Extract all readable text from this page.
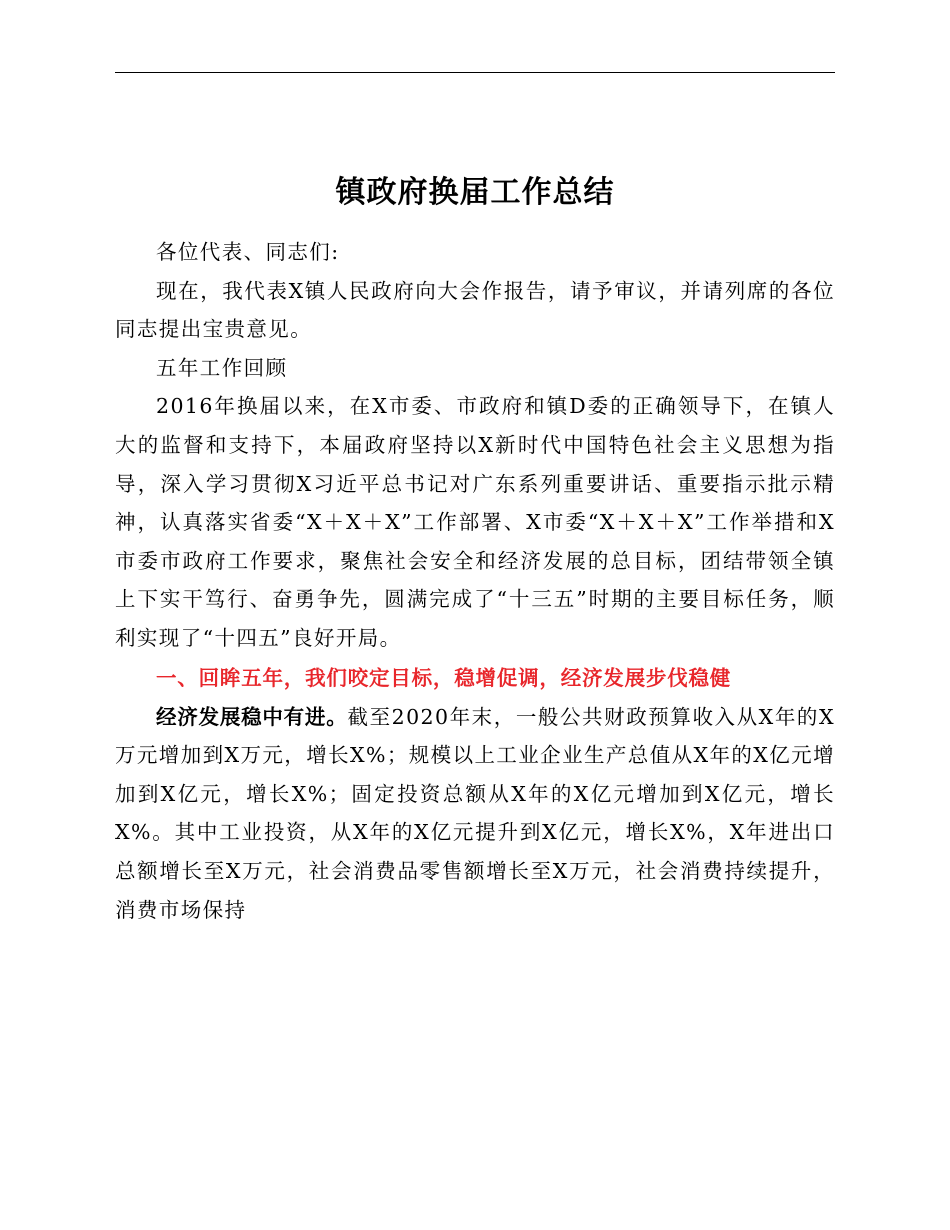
镇政府换届工作总结

各位代表、同志们:

现在，我代表X镇人民政府向大会作报告，请予审议，并请列席的各位同志提出宝贵意见。

五年工作回顾

2016年换届以来，在X市委、市政府和镇D委的正确领导下，在镇人大的监督和支持下，本届政府坚持以X新时代中国特色社会主义思想为指导，深入学习贯彻X习近平总书记对广东系列重要讲话、重要指示批示精神，认真落实省委“X＋X＋X”工作部署、X市委“X＋X＋X”工作举措和X市委市政府工作要求，聚焦社会安全和经济发展的总目标，团结带领全镇上下实干笃行、奋勇争先，圆满完成了“十三五”时期的主要目标任务，顺利实现了“十四五”良好开局。

一、回眸五年，我们咬定目标，稳增促调，经济发展步伐稳健

经济发展稳中有进。截至2020年末，一般公共财政预算收入从X年的X万元增加到X万元，增长X%；规模以上工业企业生产总值从X年的X亿元增加到X亿元，增长X%；固定投资总额从X年的X亿元增加到X亿元，增长X%。其中工业投资，从X年的X亿元提升到X亿元，增长X%，X年进出口总额增长至X万元，社会消费品零售额增长至X万元，社会消费持续提升，消费市场保持
